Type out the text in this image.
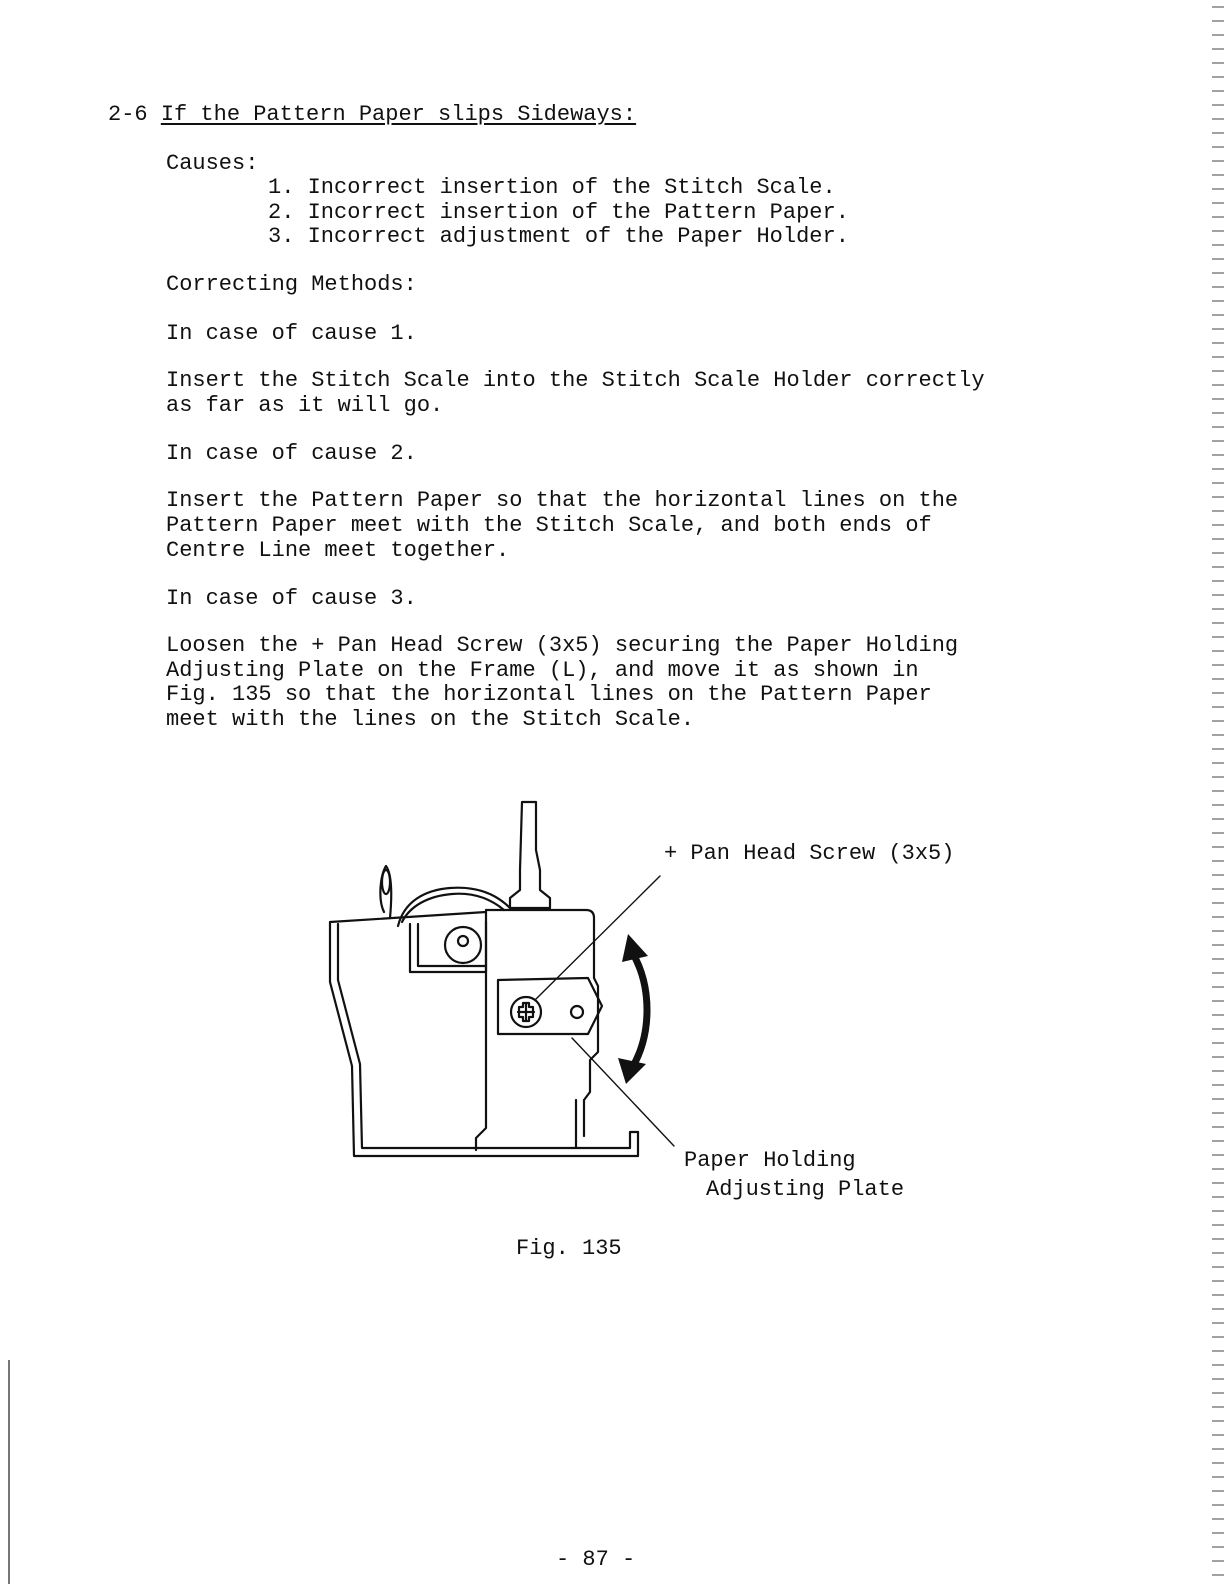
2-6 If the Pattern Paper slips Sideways:
Causes:
1. Incorrect insertion of the Stitch Scale.
2. Incorrect insertion of the Pattern Paper.
3. Incorrect adjustment of the Paper Holder.
Correcting Methods:
In case of cause 1.
Insert the Stitch Scale into the Stitch Scale Holder correctly
as far as it will go.
In case of cause 2.
Insert the Pattern Paper so that the horizontal lines on the
Pattern Paper meet with the Stitch Scale, and both ends of
Centre Line meet together.
In case of cause 3.
Loosen the + Pan Head Screw (3x5) securing the Paper Holding
Adjusting Plate on the Frame (L), and move it as shown in
Fig. 135 so that the horizontal lines on the Pattern Paper
meet with the lines on the Stitch Scale.
+ Pan Head Screw (3x5)
Paper Holding
Adjusting Plate
Fig. 135
- 87 -
